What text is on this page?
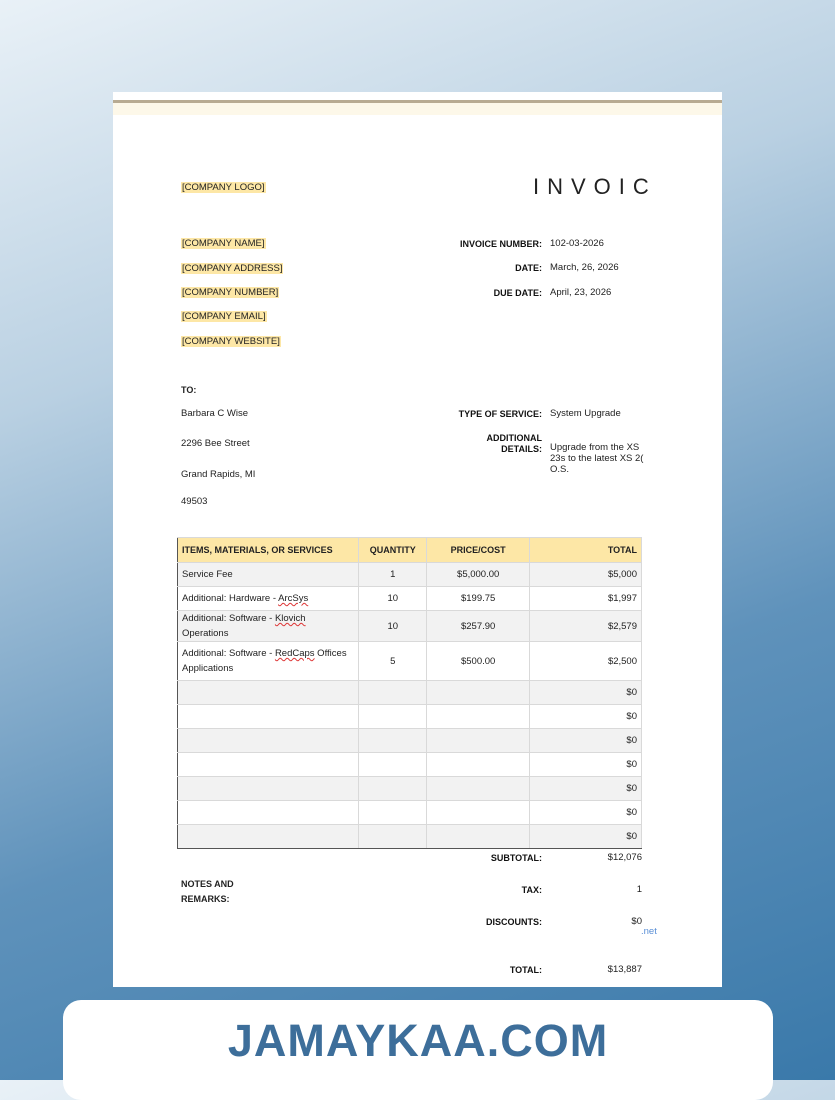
[COMPANY LOGO]	INVOIC
[COMPANY NAME]
[COMPANY ADDRESS]
[COMPANY NUMBER]
[COMPANY EMAIL]
[COMPANY WEBSITE]
INVOICE NUMBER: 102-03-2026
DATE: March, 26, 2026
DUE DATE: April, 23, 2026
TO:
Barbara C Wise
2296 Bee Street
Grand Rapids, MI
49503
TYPE OF SERVICE: System Upgrade
ADDITIONAL
DETAILS: Upgrade from the XS 23s to the latest XS 2( O.S.
ITEMS, MATERIALS, OR SERVICES	QUANTITY	PRICE/COST	TOTAL
Service Fee	1	$5,000.00	$5,000
Additional: Hardware - ArcSys	10	$199.75	$1,997
Additional: Software - Klovich Operations	10	$257.90	$2,579
Additional: Software - RedCaps Offices Applications	5	$500.00	$2,500
			$0
			$0
			$0
			$0
			$0
			$0
			$0
SUBTOTAL:	$12,076
NOTES AND
REMARKS:
TAX:	1
DISCOUNTS:	$0
TOTAL:	$13,887
.net
JAMAYKAA.COM
